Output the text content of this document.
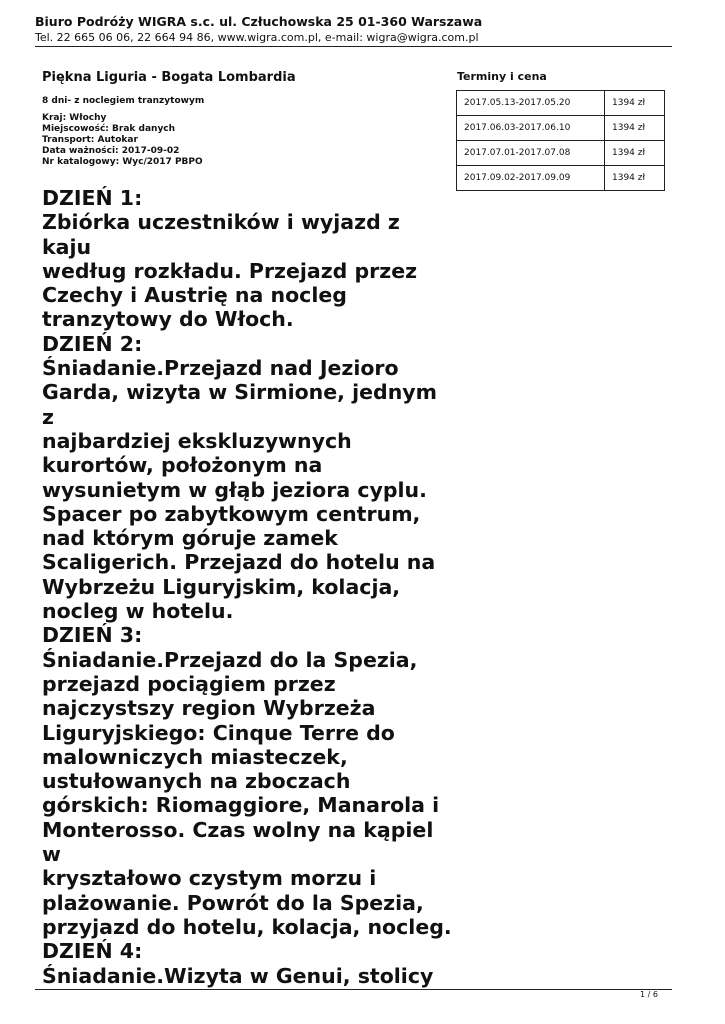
Biuro Podróży WIGRA s.c. ul. Człuchowska 25 01-360 Warszawa
Tel. 22 665 06 06, 22 664 94 86, www.wigra.com.pl, e-mail: wigra@wigra.com.pl
Piękna Liguria - Bogata Lombardia
8 dni- z noclegiem tranzytowym
Kraj: Włochy
Miejscowość: Brak danych
Transport: Autokar
Data ważności: 2017-09-02
Nr katalogowy: Wyc/2017 PBPO
Terminy i cena
2017.05.13-2017.05.20	1394 zł
2017.06.03-2017.06.10	1394 zł
2017.07.01-2017.07.08	1394 zł
2017.09.02-2017.09.09	1394 zł
DZIEŃ 1:
Zbiórka uczestników i wyjazd z kaju
według rozkładu. Przejazd przez
Czechy i Austrię na nocleg
tranzytowy do Włoch.
DZIEŃ 2:
Śniadanie.Przejazd nad Jezioro
Garda, wizyta w Sirmione, jednym z
najbardziej ekskluzywnych
kurortów, położonym na
wysunietym w głąb jeziora cyplu.
Spacer po zabytkowym centrum,
nad którym góruje zamek
Scaligerich. Przejazd do hotelu na
Wybrzeżu Liguryjskim, kolacja,
nocleg w hotelu.
DZIEŃ 3:
Śniadanie.Przejazd do la Spezia,
przejazd pociągiem przez
najczystszy region Wybrzeża
Liguryjskiego: Cinque Terre do
malowniczych miasteczek,
ustułowanych na zboczach
górskich: Riomaggiore, Manarola i
Monterosso. Czas wolny na kąpiel w
kryształowo czystym morzu i
plażowanie. Powrót do la Spezia,
przyjazd do hotelu, kolacja, nocleg.
DZIEŃ 4:
Śniadanie.Wizyta w Genui, stolicy
1 / 6
